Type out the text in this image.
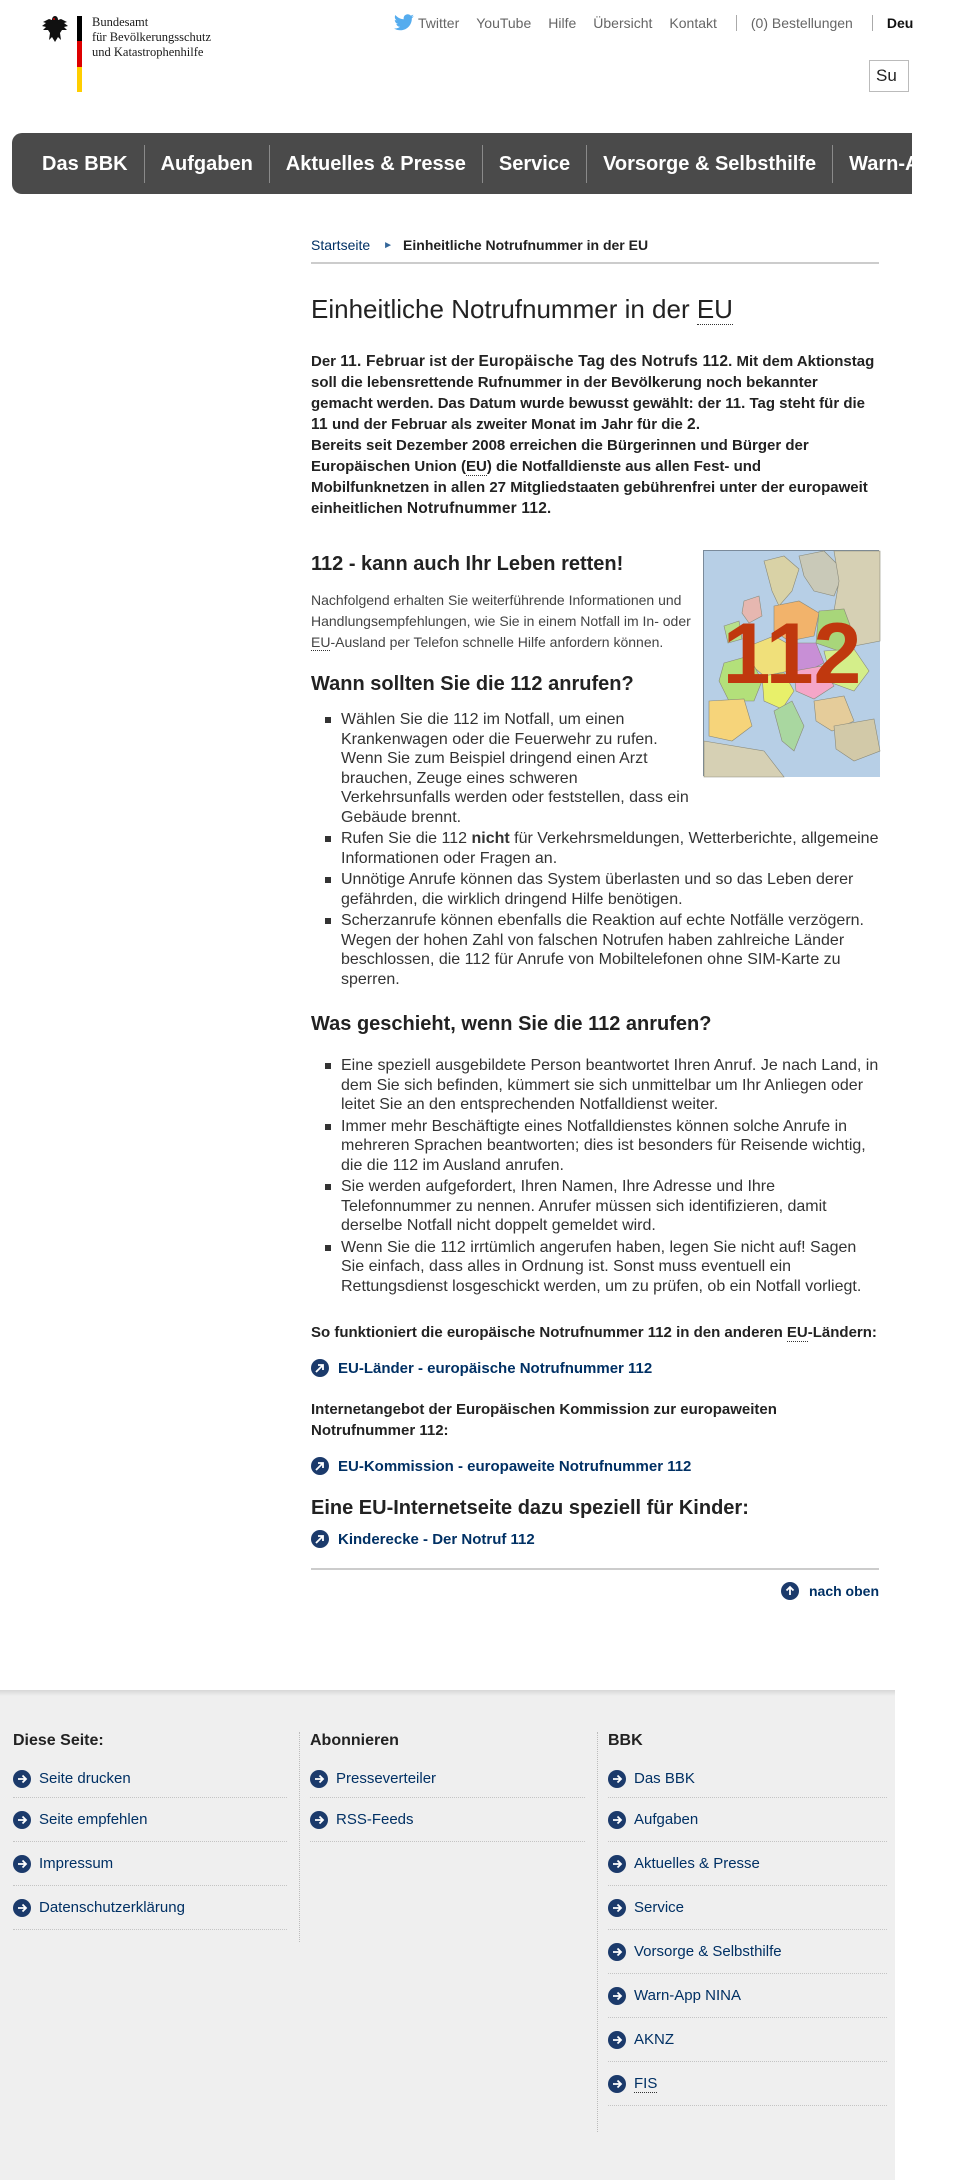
Bundesamt
für Bevölkerungsschutz
und Katastrophenhilfe
Twitter YouTube Hilfe Übersicht Kontakt (0) Bestellungen Deu
Su
Das BBK	Aufgaben	Aktuelles & Presse	Service	Vorsorge & Selbsthilfe	Warn-App
Startseite ► Einheitliche Notrufnummer in der EU
Einheitliche Notrufnummer in der EU
Der 11. Februar ist der Europäische Tag des Notrufs 112. Mit dem Aktionstag soll die lebensrettende Rufnummer in der Bevölkerung noch bekannter gemacht werden. Das Datum wurde bewusst gewählt: der 11. Tag steht für die 11 und der Februar als zweiter Monat im Jahr für die 2.
Bereits seit Dezember 2008 erreichen die Bürgerinnen und Bürger der Europäischen Union (EU) die Notfalldienste aus allen Fest- und Mobilfunknetzen in allen 27 Mitgliedstaaten gebührenfrei unter der europaweit einheitlichen Notrufnummer 112.
112
112 - kann auch Ihr Leben retten!

Nachfolgend erhalten Sie weiterführende Informationen und Handlungsempfehlungen, wie Sie in einem Notfall im In- oder EU-Ausland per Telefon schnelle Hilfe anfordern können.

Wann sollten Sie die 112 anrufen?
Wählen Sie die 112 im Notfall, um einen Krankenwagen oder die Feuerwehr zu rufen. Wenn Sie zum Beispiel dringend einen Arzt brauchen, Zeuge eines schweren Verkehrsunfalls werden oder feststellen, dass ein Gebäude brennt.
Rufen Sie die 112 nicht für Verkehrsmeldungen, Wetterberichte, allgemeine Informationen oder Fragen an.
Unnötige Anrufe können das System überlasten und so das Leben derer gefährden, die wirklich dringend Hilfe benötigen.
Scherzanrufe können ebenfalls die Reaktion auf echte Notfälle verzögern. Wegen der hohen Zahl von falschen Notrufen haben zahlreiche Länder beschlossen, die 112 für Anrufe von Mobiltelefonen ohne SIM-Karte zu sperren.
Was geschieht, wenn Sie die 112 anrufen?
Eine speziell ausgebildete Person beantwortet Ihren Anruf. Je nach Land, in dem Sie sich befinden, kümmert sie sich unmittelbar um Ihr Anliegen oder leitet Sie an den entsprechenden Notfalldienst weiter.
Immer mehr Beschäftigte eines Notfalldienstes können solche Anrufe in mehreren Sprachen beantworten; dies ist besonders für Reisende wichtig, die die 112 im Ausland anrufen.
Sie werden aufgefordert, Ihren Namen, Ihre Adresse und Ihre Telefonnummer zu nennen. Anrufer müssen sich identifizieren, damit derselbe Notfall nicht doppelt gemeldet wird.
Wenn Sie die 112 irrtümlich angerufen haben, legen Sie nicht auf! Sagen Sie einfach, dass alles in Ordnung ist. Sonst muss eventuell ein Rettungsdienst losgeschickt werden, um zu prüfen, ob ein Notfall vorliegt.
So funktioniert die europäische Notrufnummer 112 in den anderen EU-Ländern:
EU-Länder - europäische Notrufnummer 112
Internetangebot der Europäischen Kommission zur europaweiten Notrufnummer 112:
EU-Kommission - europaweite Notrufnummer 112
Eine EU-Internetseite dazu speziell für Kinder:
Kinderecke - Der Notruf 112
nach oben
Diese Seite:
Seite drucken
Seite empfehlen
Impressum
Datenschutzerklärung
Abonnieren
Presseverteiler
RSS-Feeds
BBK
Das BBK
Aufgaben
Aktuelles & Presse
Service
Vorsorge & Selbsthilfe
Warn-App NINA
AKNZ
FIS
